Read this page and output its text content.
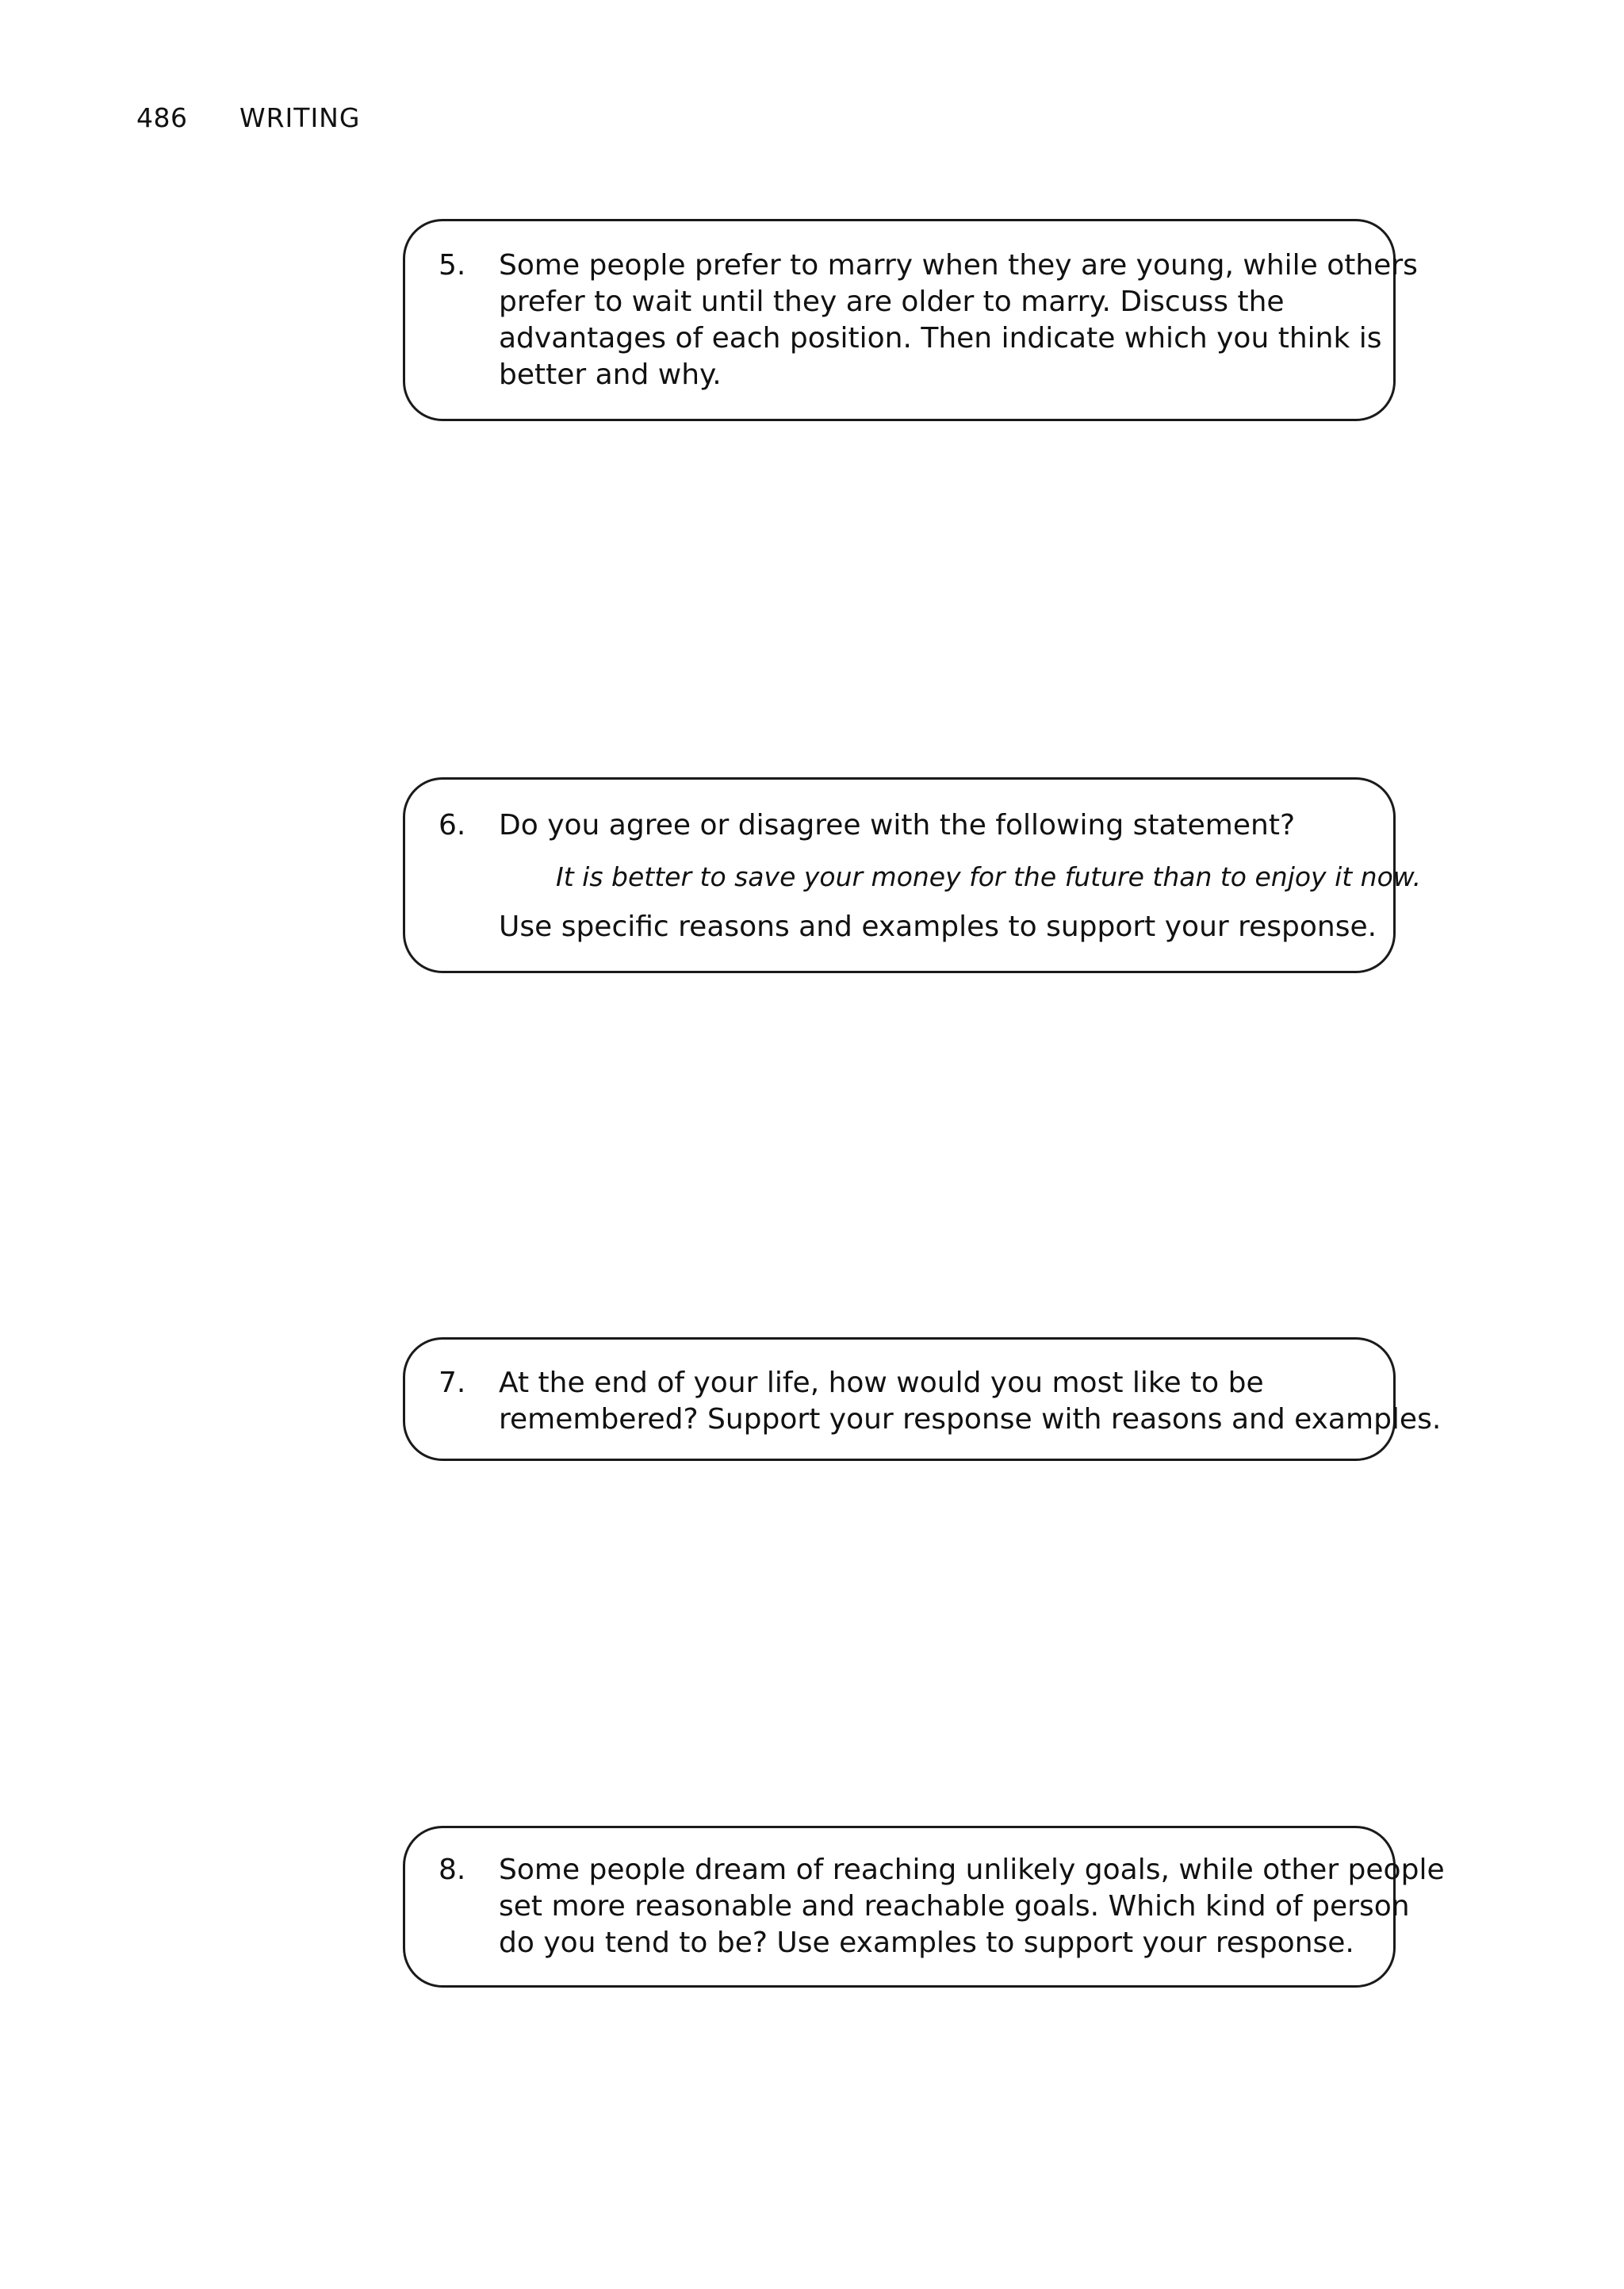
486	WRITING
5. Some people prefer to marry when they are young, while others

prefer to wait until they are older to marry. Discuss the

advantages of each position. Then indicate which you think is

better and why.

6. Do you agree or disagree with the following statement?

It is better to save your money for the future than to enjoy it now.

Use specific reasons and examples to support your response.

7. At the end of your life, how would you most like to be

remembered? Support your response with reasons and examples.

8. Some people dream of reaching unlikely goals, while other people

set more reasonable and reachable goals. Which kind of person

do you tend to be? Use examples to support your response.
